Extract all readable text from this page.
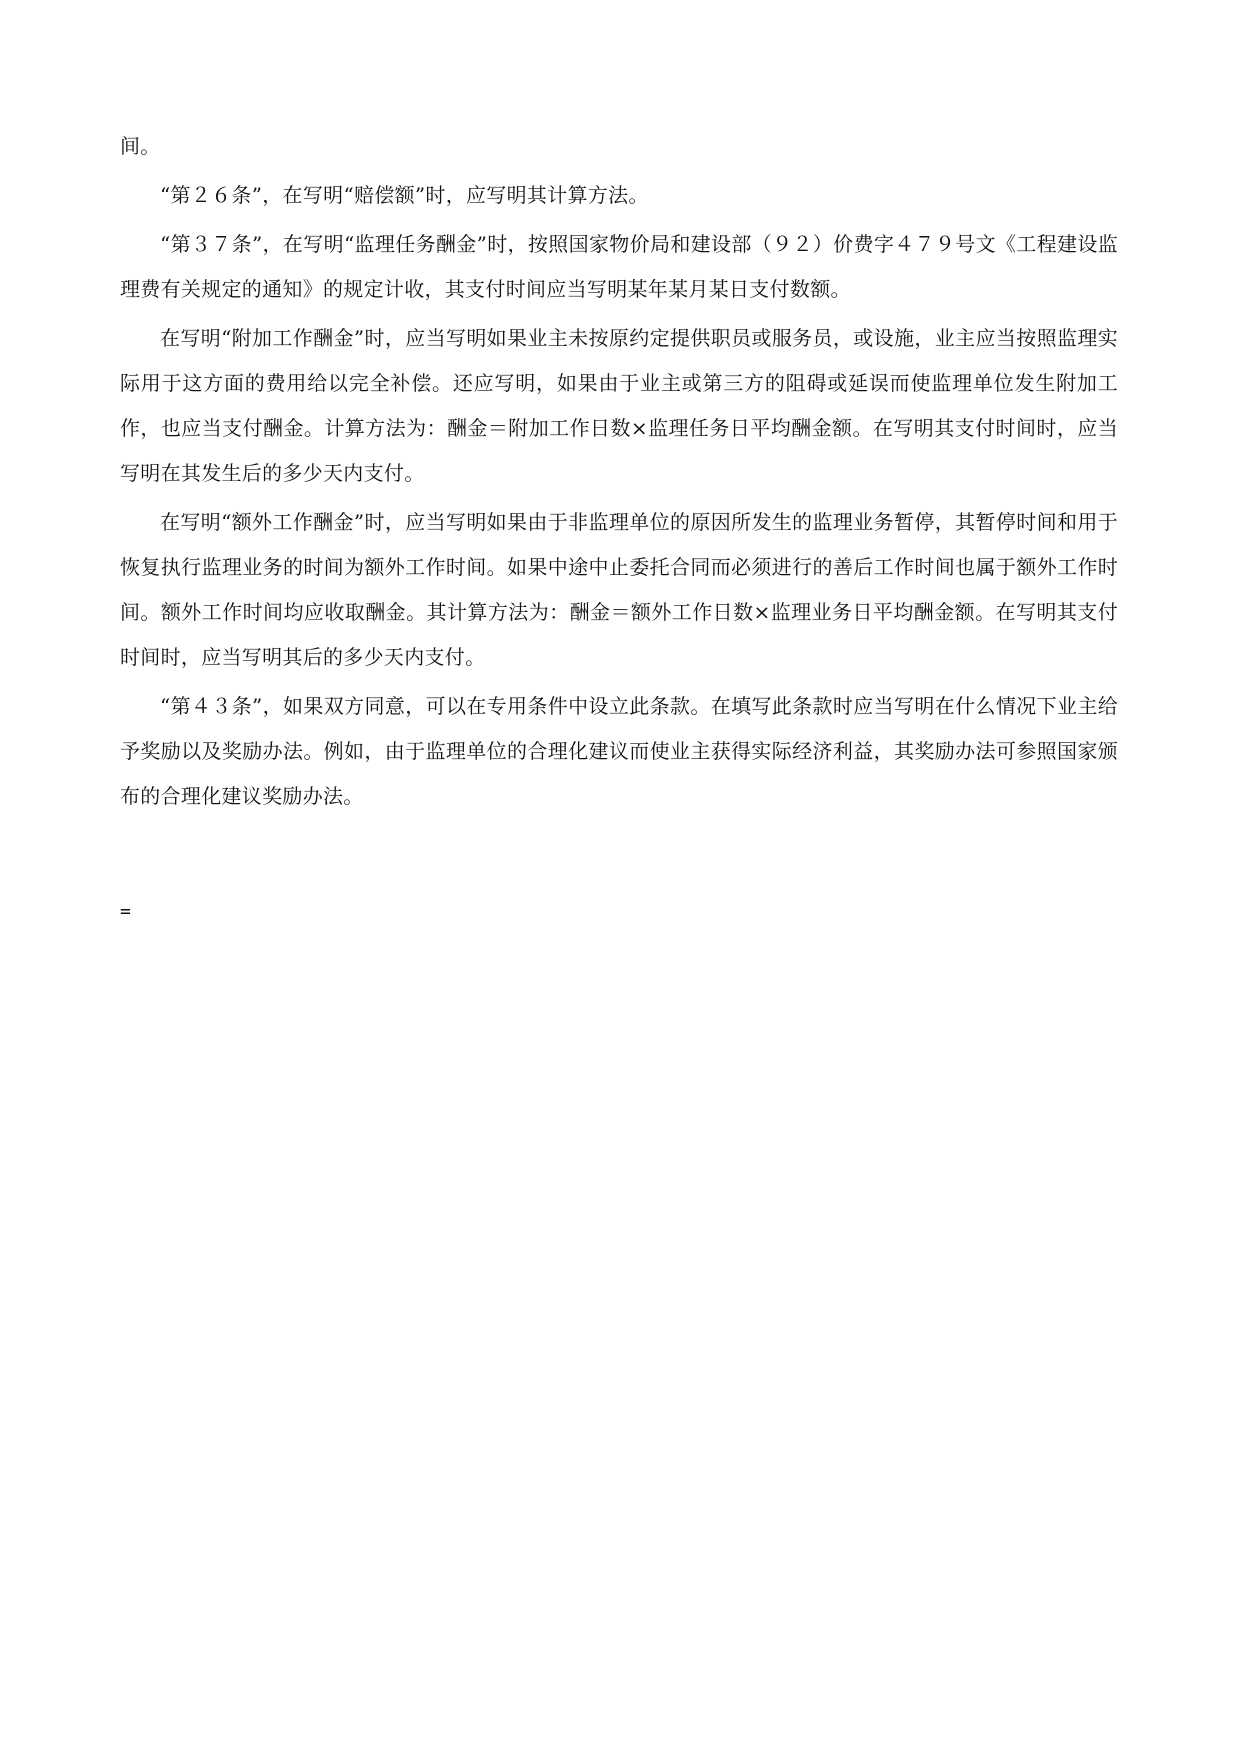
间。

“第２６条”，在写明“赔偿额”时，应写明其计算方法。

“第３７条”，在写明“监理任务酬金”时，按照国家物价局和建设部（９２）价费字４７９号文《工程建设监理费有关规定的通知》的规定计收，其支付时间应当写明某年某月某日支付数额。

在写明“附加工作酬金”时，应当写明如果业主未按原约定提供职员或服务员，或设施，业主应当按照监理实际用于这方面的费用给以完全补偿。还应写明，如果由于业主或第三方的阻碍或延误而使监理单位发生附加工作，也应当支付酬金。计算方法为：酬金＝附加工作日数×监理任务日平均酬金额。在写明其支付时间时，应当写明在其发生后的多少天内支付。

在写明“额外工作酬金”时，应当写明如果由于非监理单位的原因所发生的监理业务暂停，其暂停时间和用于恢复执行监理业务的时间为额外工作时间。如果中途中止委托合同而必须进行的善后工作时间也属于额外工作时间。额外工作时间均应收取酬金。其计算方法为：酬金＝额外工作日数×监理业务日平均酬金额。在写明其支付时间时，应当写明其后的多少天内支付。

“第４３条”，如果双方同意，可以在专用条件中设立此条款。在填写此条款时应当写明在什么情况下业主给予奖励以及奖励办法。例如，由于监理单位的合理化建议而使业主获得实际经济利益，其奖励办法可参照国家颁布的合理化建议奖励办法。

=
